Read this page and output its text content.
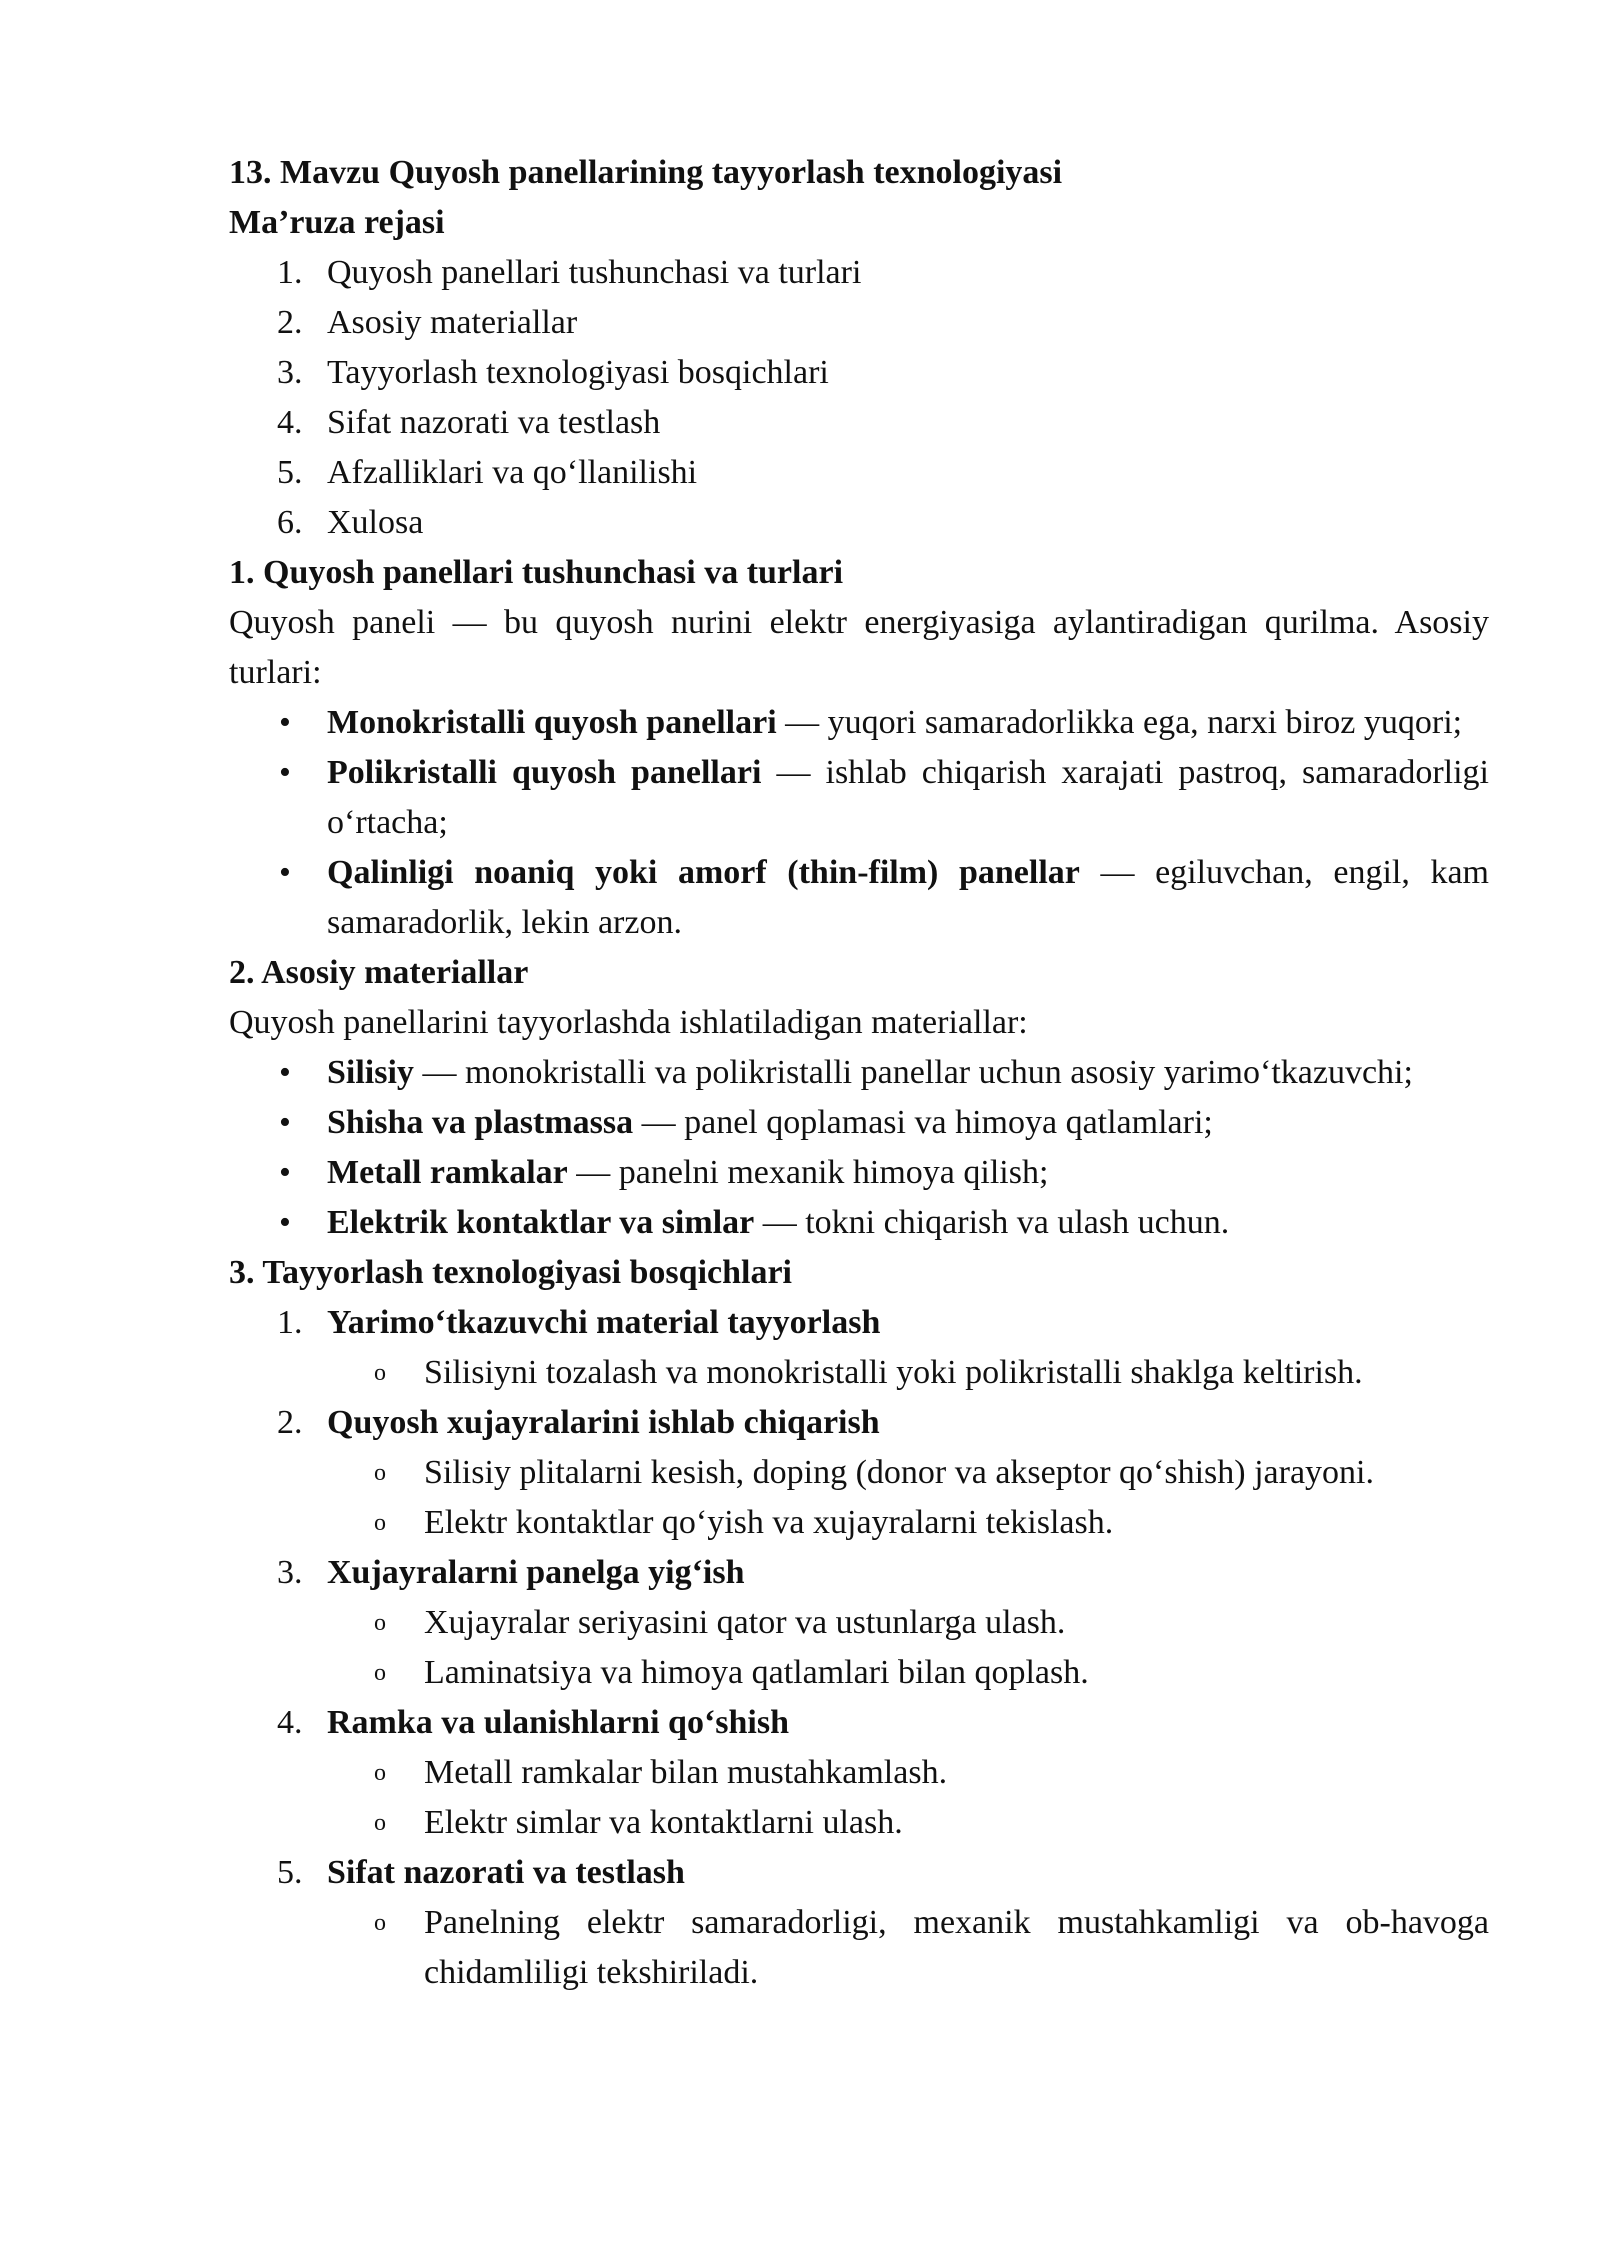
13. Mavzu Quyosh panellarining tayyorlash texnologiyasi

Ma’ruza rejasi

1. Quyosh panellari tushunchasi va turlari

2. Asosiy materiallar

3. Tayyorlash texnologiyasi bosqichlari

4. Sifat nazorati va testlash

5. Afzalliklari va qo‘llanilishi

6. Xulosa

1. Quyosh panellari tushunchasi va turlari

Quyosh paneli — bu quyosh nurini elektr energiyasiga aylantiradigan qurilma. Asosiy turlari:

• Monokristalli quyosh panellari — yuqori samaradorlikka ega, narxi biroz yuqori;

• Polikristalli quyosh panellari — ishlab chiqarish xarajati pastroq, samaradorligi o‘rtacha;

• Qalinligi noaniq yoki amorf (thin-film) panellar — egiluvchan, engil, kam samaradorlik, lekin arzon.

2. Asosiy materiallar

Quyosh panellarini tayyorlashda ishlatiladigan materiallar:

• Silisiy — monokristalli va polikristalli panellar uchun asosiy yarimo‘tkazuvchi;

• Shisha va plastmassa — panel qoplamasi va himoya qatlamlari;

• Metall ramkalar — panelni mexanik himoya qilish;

• Elektrik kontaktlar va simlar — tokni chiqarish va ulash uchun.

3. Tayyorlash texnologiyasi bosqichlari

1. Yarimo‘tkazuvchi material tayyorlash

o Silisiyni tozalash va monokristalli yoki polikristalli shaklga keltirish.

2. Quyosh xujayralarini ishlab chiqarish

o Silisiy plitalarni kesish, doping (donor va akseptor qo‘shish) jarayoni.

o Elektr kontaktlar qo‘yish va xujayralarni tekislash.

3. Xujayralarni panelga yig‘ish

o Xujayralar seriyasini qator va ustunlarga ulash.

o Laminatsiya va himoya qatlamlari bilan qoplash.

4. Ramka va ulanishlarni qo‘shish

o Metall ramkalar bilan mustahkamlash.

o Elektr simlar va kontaktlarni ulash.

5. Sifat nazorati va testlash

o Panelning elektr samaradorligi, mexanik mustahkamligi va ob-havoga chidamliligi tekshiriladi.
